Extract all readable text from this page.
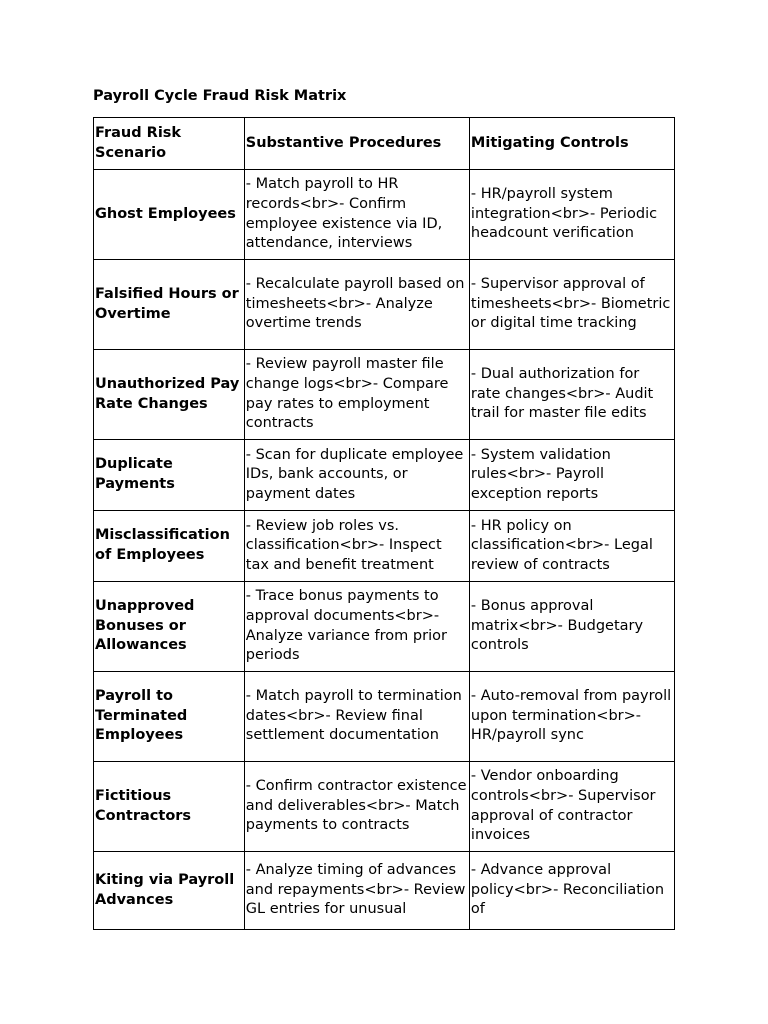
Payroll Cycle Fraud Risk Matrix
Fraud Risk Scenario	Substantive Procedures	Mitigating Controls
Ghost Employees	- Match payroll to HR records<br>- Confirm employee existence via ID, attendance, interviews	- HR/payroll system integration<br>- Periodic headcount verification
Falsified Hours or Overtime	- Recalculate payroll based on timesheets<br>- Analyze overtime trends	- Supervisor approval of timesheets<br>- Biometric or digital time tracking
Unauthorized Pay Rate Changes	- Review payroll master file change logs<br>- Compare pay rates to employment contracts	- Dual authorization for rate changes<br>- Audit trail for master file edits
Duplicate Payments	- Scan for duplicate employee IDs, bank accounts, or payment dates	- System validation rules<br>- Payroll exception reports
Misclassification of Employees	- Review job roles vs. classification<br>- Inspect tax and benefit treatment	- HR policy on classification<br>- Legal review of contracts
Unapproved Bonuses or Allowances	- Trace bonus payments to approval documents<br>- Analyze variance from prior periods	- Bonus approval matrix<br>- Budgetary controls
Payroll to Terminated Employees	- Match payroll to termination dates<br>- Review final settlement documentation	- Auto-removal from payroll upon termination<br>- HR/payroll sync
Fictitious Contractors	- Confirm contractor existence and deliverables<br>- Match payments to contracts	- Vendor onboarding controls<br>- Supervisor approval of contractor invoices
Kiting via Payroll Advances	- Analyze timing of advances and repayments<br>- Review GL entries for unusual	- Advance approval policy<br>- Reconciliation of
